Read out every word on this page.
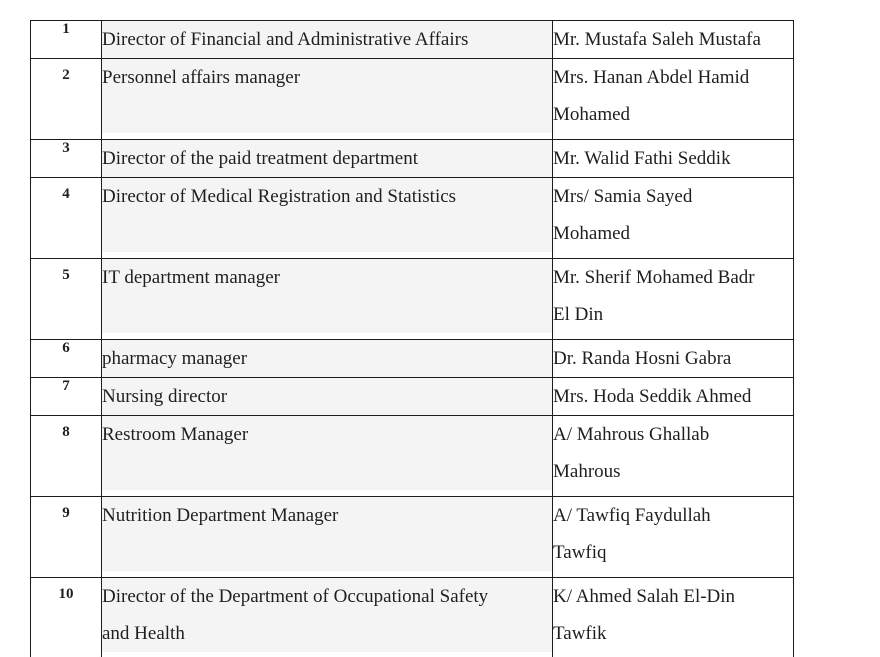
1	Director of Financial and Administrative Affairs	Mr. Mustafa Saleh Mustafa

2	Personnel affairs manager	Mrs. Hanan Abdel Hamid
Mohamed

3	Director of the paid treatment department	Mr. Walid Fathi Seddik

4	Director of Medical Registration and Statistics	Mrs/ Samia Sayed
Mohamed

5	IT department manager	Mr. Sherif Mohamed Badr
El Din

6	pharmacy manager	Dr. Randa Hosni Gabra

7	Nursing director	Mrs. Hoda Seddik Ahmed

8	Restroom Manager	A/ Mahrous Ghallab
Mahrous

9	Nutrition Department Manager	A/ Tawfiq Faydullah
Tawfiq

10	Director of the Department of Occupational Safety
and Health	K/ Ahmed Salah El-Din
Tawfik
